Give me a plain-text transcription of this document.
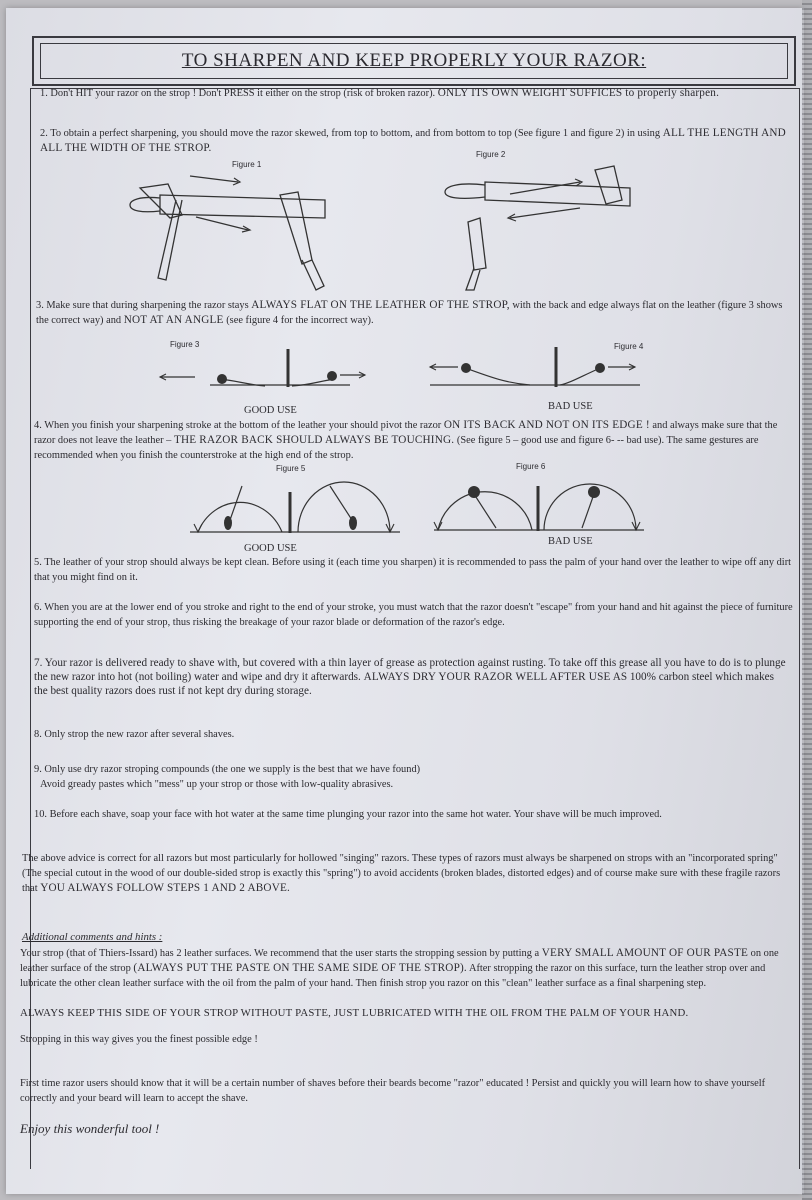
TO SHARPEN AND KEEP PROPERLY YOUR RAZOR:
1. Don't HIT your razor on the strop ! Don't PRESS it either on the strop (risk of broken razor). ONLY ITS OWN WEIGHT SUFFICES to properly sharpen.
2. To obtain a perfect sharpening, you should move the razor skewed, from top to bottom, and from bottom to top (See figure 1 and figure 2) in using ALL THE LENGTH AND ALL THE WIDTH OF THE STROP.
Figure 1
Figure 2
3. Make sure that during sharpening the razor stays ALWAYS FLAT ON THE LEATHER OF THE STROP, with the back and edge always flat on the leather (figure 3 shows the correct way) and NOT AT AN ANGLE (see figure 4 for the incorrect way).
Figure 3	Figure 4
GOOD USE	BAD USE
4. When you finish your sharpening stroke at the bottom of the leather your should pivot the razor ON ITS BACK AND NOT ON ITS EDGE ! and always make sure that the razor does not leave the leather – THE RAZOR BACK SHOULD ALWAYS BE TOUCHING. (See figure 5 – good use and figure 6- -- bad use). The same gestures are recommended when you finish the counterstroke at the high end of the strop.
Figure 5	Figure 6
GOOD USE
BAD USE
5. The leather of your strop should always be kept clean. Before using it (each time you sharpen) it is recommended to pass the palm of your hand over the leather to wipe off any dirt that you might find on it.
6. When you are at the lower end of you stroke and right to the end of your stroke, you must watch that the razor doesn't "escape" from your hand and hit against the piece of furniture supporting the end of your strop, thus risking the breakage of your razor blade or deformation of the razor's edge.
7. Your razor is delivered ready to shave with, but covered with a thin layer of grease as protection against rusting. To take off this grease all you have to do is to plunge the new razor into hot (not boiling) water and wipe and dry it afterwards. ALWAYS DRY YOUR RAZOR WELL AFTER USE AS 100% carbon steel which makes the best quality razors does rust if not kept dry during storage.
8. Only strop the new razor after several shaves.
9. Only use dry razor stroping compounds (the one we supply is the best that we have found)
Avoid gready pastes which "mess" up your strop or those with low-quality abrasives.
10. Before each shave, soap your face with hot water at the same time plunging your razor into the same hot water. Your shave will be much improved.
The above advice is correct for all razors but most particularly for hollowed "singing" razors. These types of razors must always be sharpened on strops with an "incorporated spring" (The special cutout in the wood of our double-sided strop is exactly this "spring") to avoid accidents (broken blades, distorted edges) and of course make sure with these fragile razors that YOU ALWAYS FOLLOW STEPS 1 AND 2 ABOVE.
Additional comments and hints :
Your strop (that of Thiers-Issard) has 2 leather surfaces. We recommend that the user starts the stropping session by putting a VERY SMALL AMOUNT OF OUR PASTE on one leather surface of the strop (ALWAYS PUT THE PASTE ON THE SAME SIDE OF THE STROP). After stropping the razor on this surface, turn the leather strop over and lubricate the other clean leather surface with the oil from the palm of your hand. Then finish strop you razor on this "clean" leather surface as a final sharpening step.
ALWAYS KEEP THIS SIDE OF YOUR STROP WITHOUT PASTE, JUST LUBRICATED WITH THE OIL FROM THE PALM OF YOUR HAND.
Stropping in this way gives you the finest possible edge !
First time razor users should know that it will be a certain number of shaves before their beards become "razor" educated ! Persist and quickly you will learn how to shave yourself correctly and your beard will learn to accept the shave.
Enjoy this wonderful tool !
